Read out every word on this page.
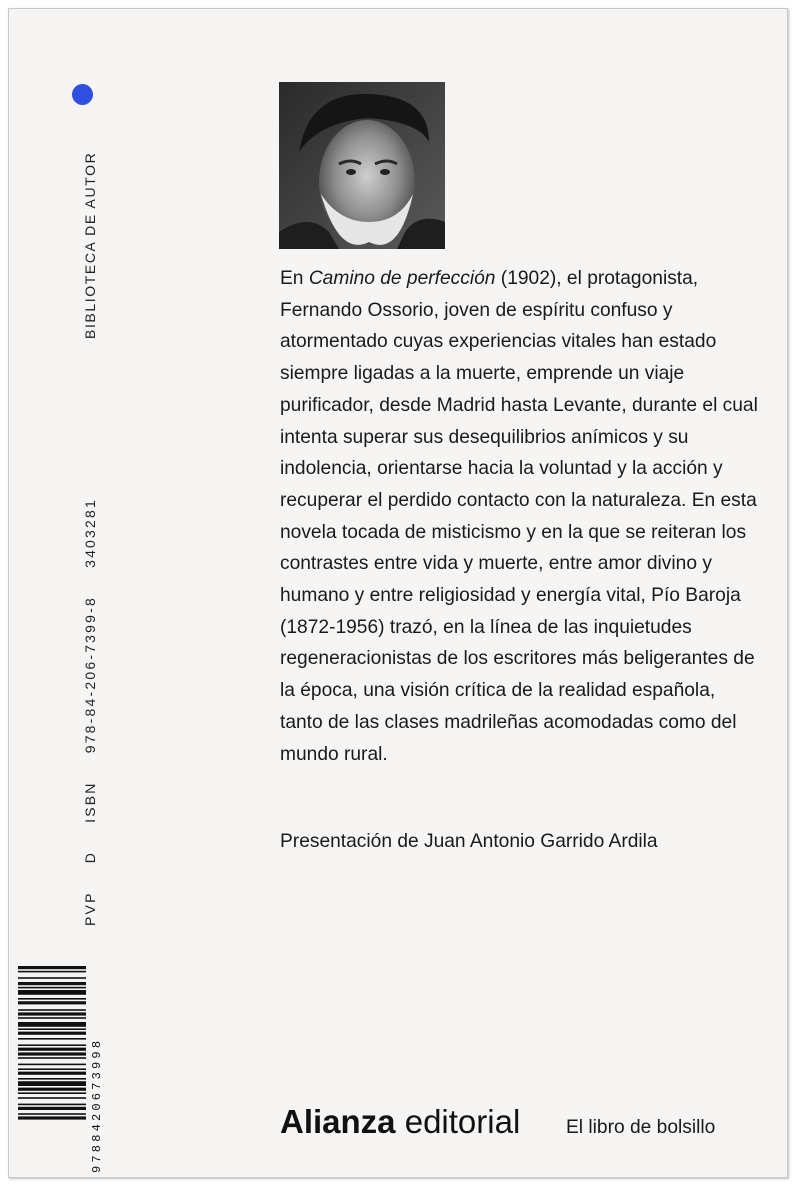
BIBLIOTECA DE AUTOR
PVP D ISBN 978-84-206-7399-8 3403281

En Camino de perfección (1902), el protagonista, Fernando Ossorio, joven de espíritu confuso y atormentado cuyas experiencias vitales han estado siempre ligadas a la muerte, emprende un viaje purificador, desde Madrid hasta Levante, durante el cual intenta superar sus desequilibrios anímicos y su indolencia, orientarse hacia la voluntad y la acción y recuperar el perdido contacto con la naturaleza. En esta novela tocada de misticismo y en la que se reiteran los contrastes entre vida y muerte, entre amor divino y humano y entre religiosidad y energía vital, Pío Baroja (1872-1956) trazó, en la línea de las inquietudes regeneracionistas de los escritores más beligerantes de la época, una visión crítica de la realidad española, tanto de las clases madrileñas acomodadas como del mundo rural.

Presentación de Juan Antonio Garrido Ardila
9788420673998	Alianza editorial El libro de bolsillo
